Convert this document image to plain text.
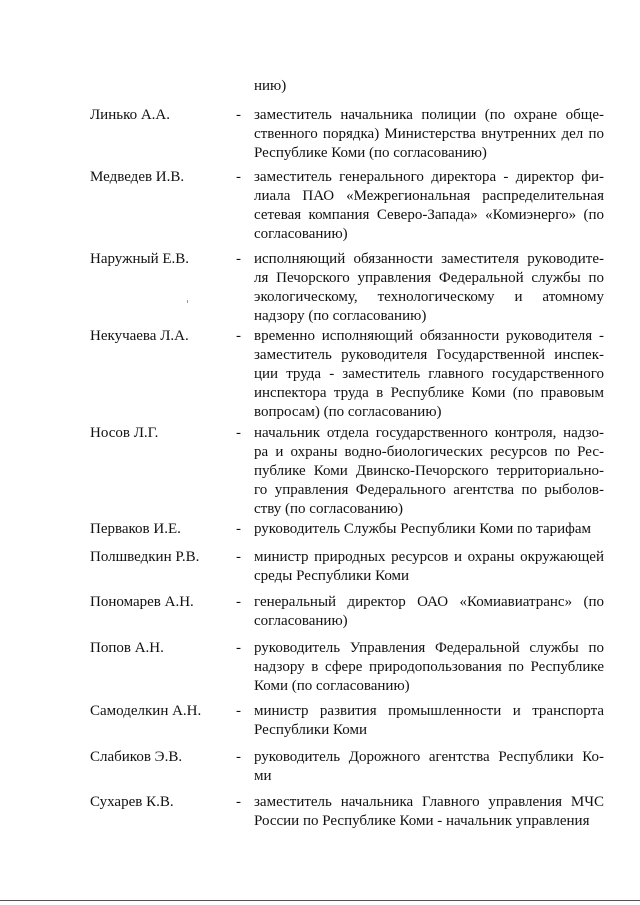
нию)
Линько А.А.	- заместитель начальника полиции (по охране обще-
ственного порядка) Министерства внутренних дел по
Республике Коми (по согласованию)
Медведев И.В.	- заместитель генерального директора - директор фи-
лиала ПАО «Межрегиональная распределительная
сетевая компания Северо-Запада» «Комиэнерго» (по
согласованию)
Наружный Е.В.	- исполняющий обязанности заместителя руководите-
ля Печорского управления Федеральной службы по
экологическому, технологическому и атомному
надзору (по согласованию)
Некучаева Л.А.	- временно исполняющий обязанности руководителя -
заместитель руководителя Государственной инспек-
ции труда - заместитель главного государственного
инспектора труда в Республике Коми (по правовым
вопросам) (по согласованию)
Носов Л.Г.	- начальник отдела государственного контроля, надзо-
ра и охраны водно-биологических ресурсов по Рес-
публике Коми Двинско-Печорского территориально-
го управления Федерального агентства по рыболов-
ству (по согласованию)
Перваков И.Е.	- руководитель Службы Республики Коми по тарифам
Полшведкин Р.В. - министр природных ресурсов и охраны окружающей
среды Республики Коми
Пономарев А.Н.	- генеральный директор ОАО «Комиавиатранс» (по
согласованию)
Попов А.Н.	- руководитель Управления Федеральной службы по
надзору в сфере природопользования по Республике
Коми (по согласованию)
Самоделкин А.Н. - министр развития промышленности и транспорта
Республики Коми
Слабиков Э.В.	- руководитель Дорожного агентства Республики Ко-
ми
Сухарев К.В.	- заместитель начальника Главного управления МЧС
России по Республике Коми - начальник управления
